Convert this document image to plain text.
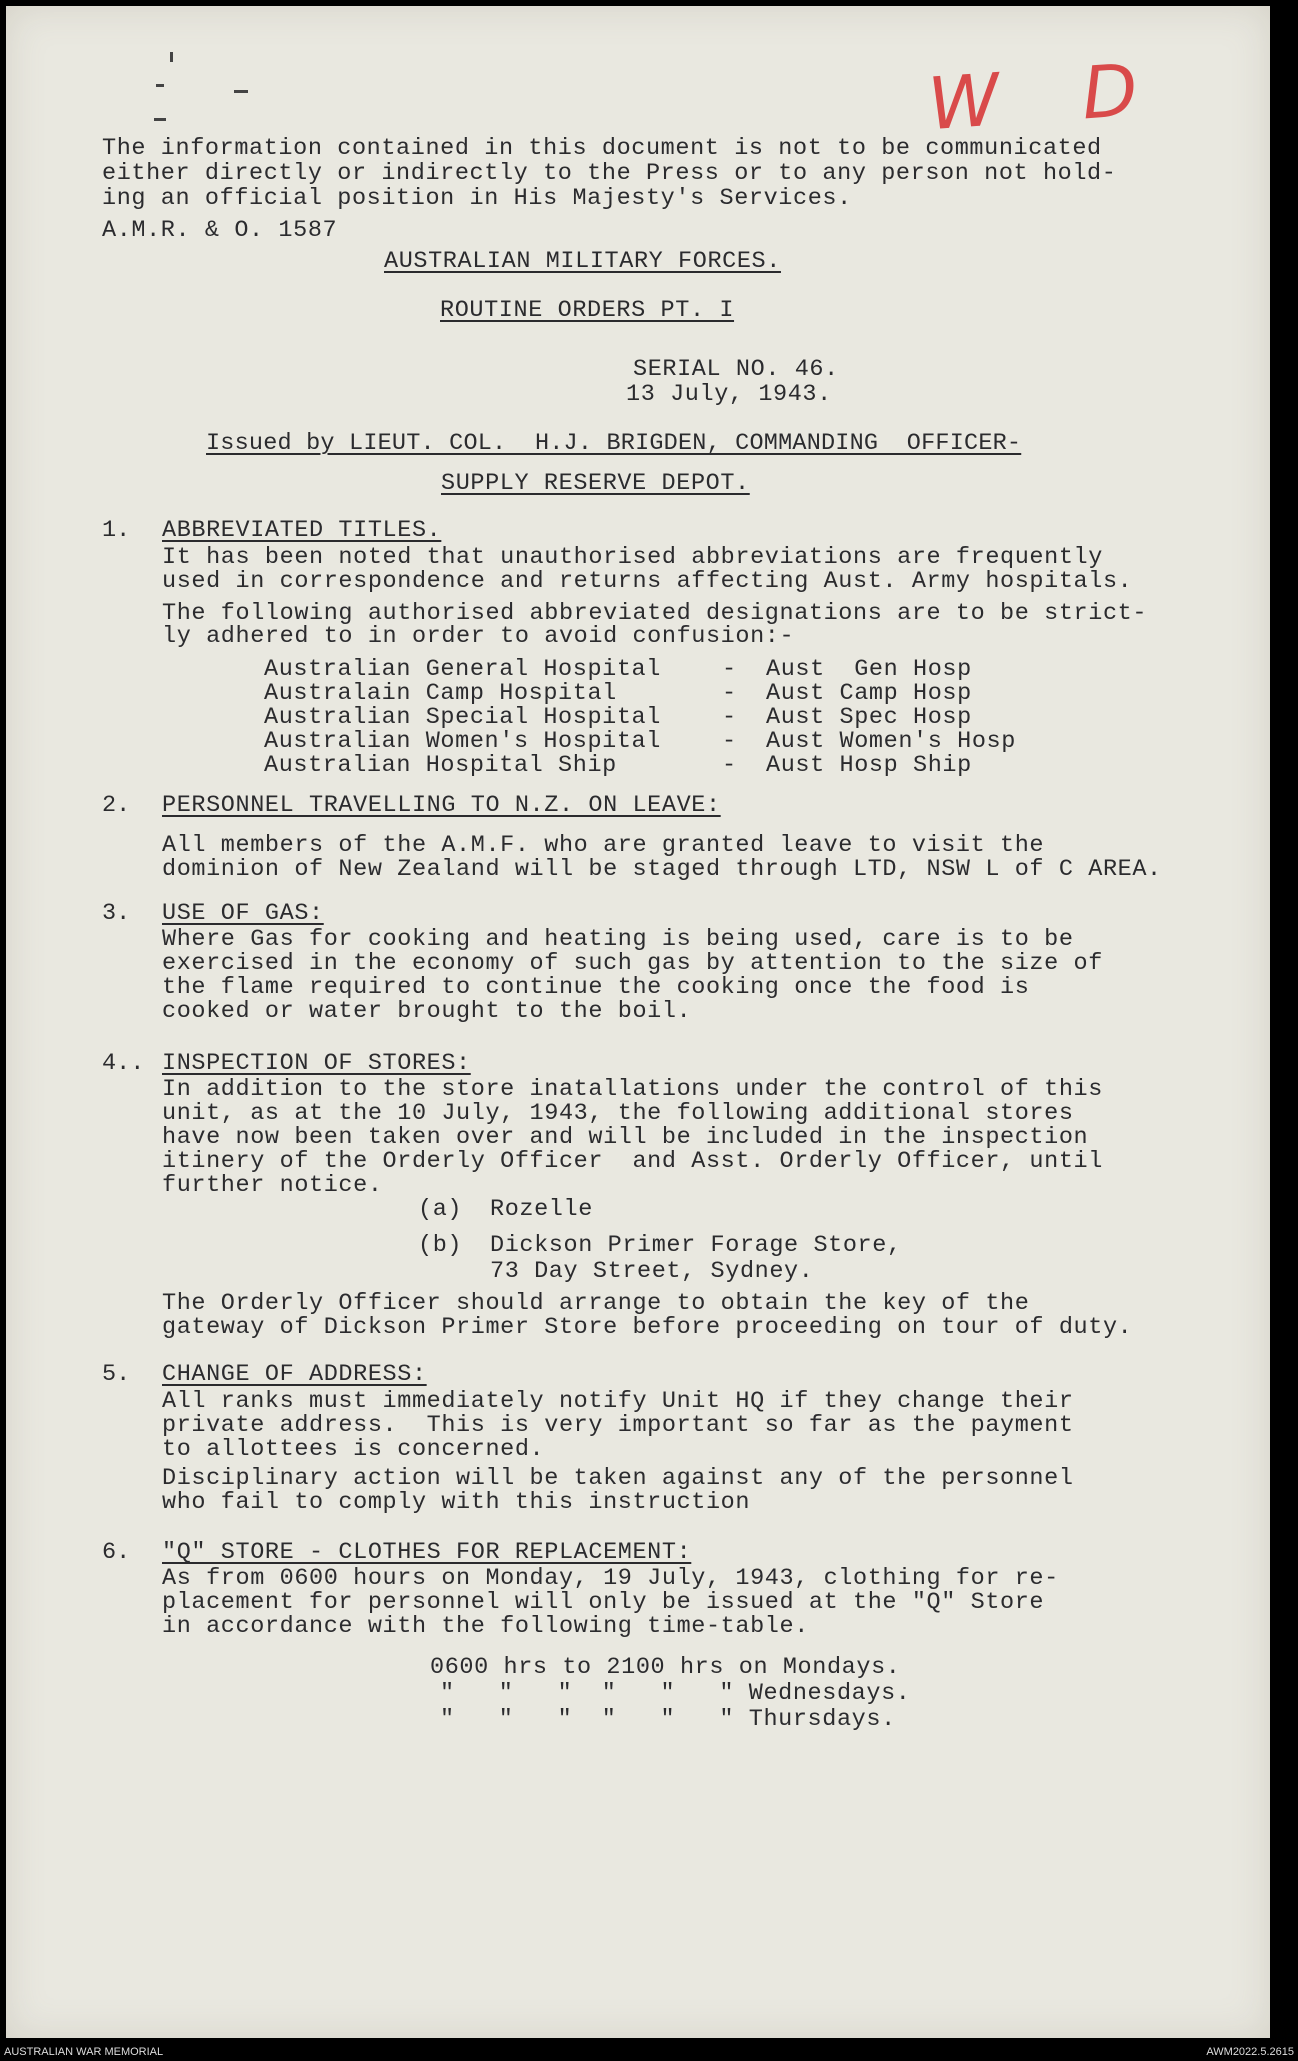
W D
The information contained in this document is not to be communicated
either directly or indirectly to the Press or to any person not hold-
ing an official position in His Majesty's Services.
A.M.R. & O. 1587
AUSTRALIAN MILITARY FORCES.
ROUTINE ORDERS PT. I
SERIAL NO. 46.
13 July, 1943.
Issued by LIEUT. COL.  H.J. BRIGDEN, COMMANDING  OFFICER-
SUPPLY RESERVE DEPOT.
1. ABBREVIATED TITLES.
It has been noted that unauthorised abbreviations are frequently
used in correspondence and returns affecting Aust. Army hospitals.
The following authorised abbreviated designations are to be strict-
ly adhered to in order to avoid confusion:-
Australian General Hospital	- Aust  Gen Hosp
Australain Camp Hospital	- Aust Camp Hosp
Australian Special Hospital	- Aust Spec Hosp
Australian Women's Hospital	- Aust Women's Hosp
Australian Hospital Ship	- Aust Hosp Ship
2. PERSONNEL TRAVELLING TO N.Z. ON LEAVE:
All members of the A.M.F. who are granted leave to visit the
dominion of New Zealand will be staged through LTD, NSW L of C AREA.
3. USE OF GAS:
Where Gas for cooking and heating is being used, care is to be
exercised in the economy of such gas by attention to the size of
the flame required to continue the cooking once the food is
cooked or water brought to the boil.
4.. INSPECTION OF STORES:
In addition to the store inatallations under the control of this
unit, as at the 10 July, 1943, the following additional stores
have now been taken over and will be included in the inspection
itinery of the Orderly Officer  and Asst. Orderly Officer, until
further notice.
(a) Rozelle
(b) Dickson Primer Forage Store,
73 Day Street, Sydney.
The Orderly Officer should arrange to obtain the key of the
gateway of Dickson Primer Store before proceeding on tour of duty.
5. CHANGE OF ADDRESS:
All ranks must immediately notify Unit HQ if they change their
private address.  This is very important so far as the payment
to allottees is concerned.
Disciplinary action will be taken against any of the personnel
who fail to comply with this instruction
6. "Q" STORE - CLOTHES FOR REPLACEMENT:
As from 0600 hours on Monday, 19 July, 1943, clothing for re-
placement for personnel will only be issued at the "Q" Store
in accordance with the following time-table.
0600 hrs to 2100 hrs on Mondays.
"   "   "  "   "   " Wednesdays.
"   "   "  "   "   " Thursdays.
AUSTRALIAN WAR MEMORIAL	AWM2022.5.2615
